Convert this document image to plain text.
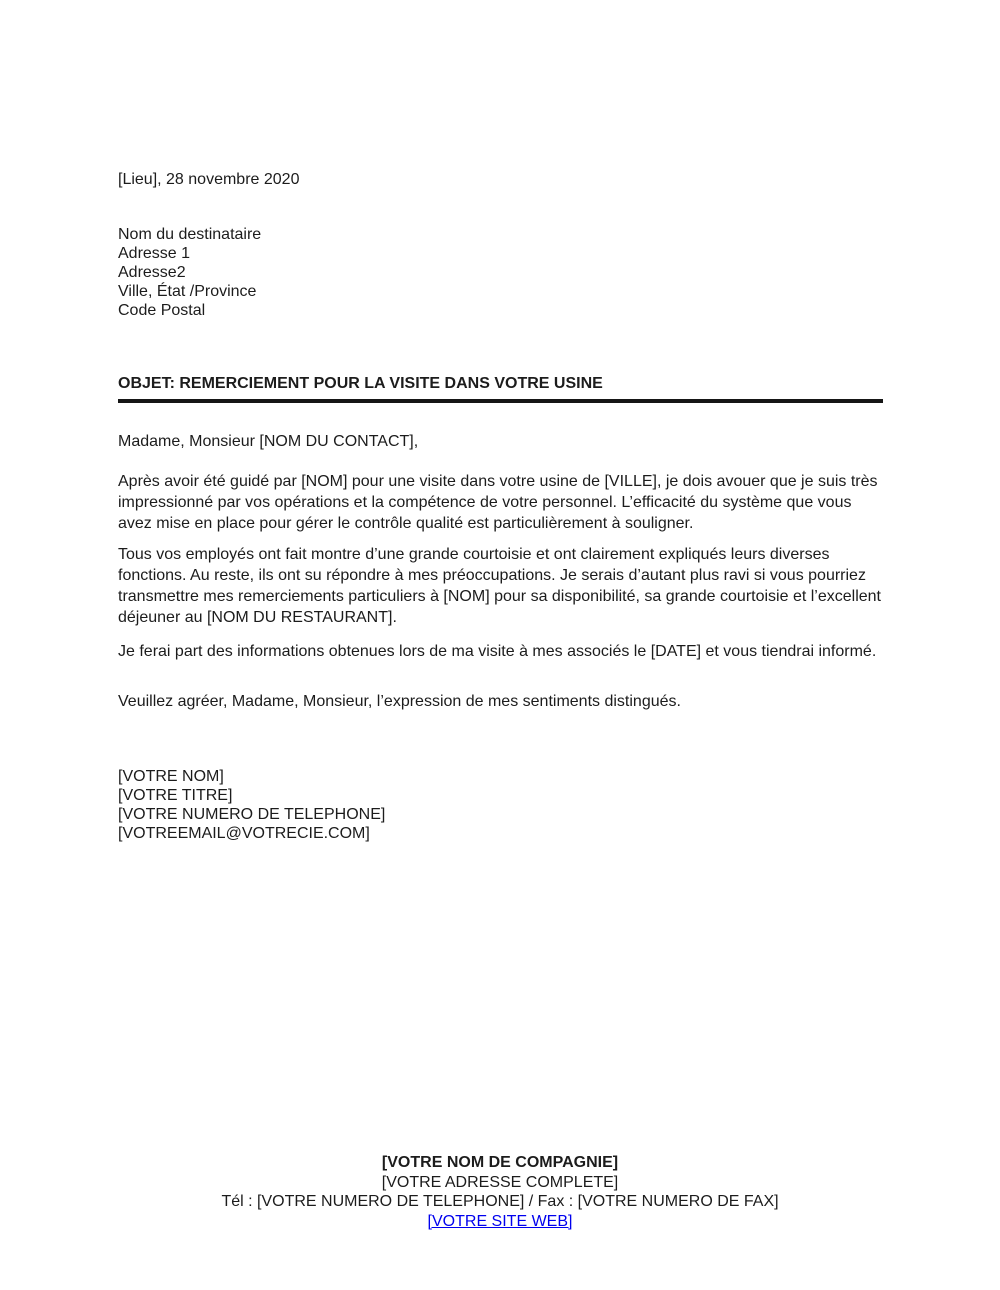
[Lieu], 28 novembre 2020
Nom du destinataire
Adresse 1
Adresse2
Ville, État /Province
Code Postal
OBJET: REMERCIEMENT POUR LA VISITE DANS VOTRE USINE
Madame, Monsieur [NOM DU CONTACT],

Après avoir été guidé par [NOM] pour une visite dans votre usine de [VILLE], je dois avouer que je suis très impressionné par vos opérations et la compétence de votre personnel. L’efficacité du système que vous avez mise en place pour gérer le contrôle qualité est particulièrement à souligner.

Tous vos employés ont fait montre d’une grande courtoisie et ont clairement expliqués leurs diverses fonctions. Au reste, ils ont su répondre à mes préoccupations. Je serais d’autant plus ravi si vous pourriez transmettre mes remerciements particuliers à [NOM] pour sa disponibilité, sa grande courtoisie et l’excellent déjeuner au [NOM DU RESTAURANT].

Je ferai part des informations obtenues lors de ma visite à mes associés le [DATE] et vous tiendrai informé.

Veuillez agréer, Madame, Monsieur, l’expression de mes sentiments distingués.
[VOTRE NOM]
[VOTRE TITRE]
[VOTRE NUMERO DE TELEPHONE]
[VOTREEMAIL@VOTRECIE.COM]
[VOTRE NOM DE COMPAGNIE]
[VOTRE ADRESSE COMPLETE]
Tél : [VOTRE NUMERO DE TELEPHONE] / Fax : [VOTRE NUMERO DE FAX]
[VOTRE SITE WEB]
